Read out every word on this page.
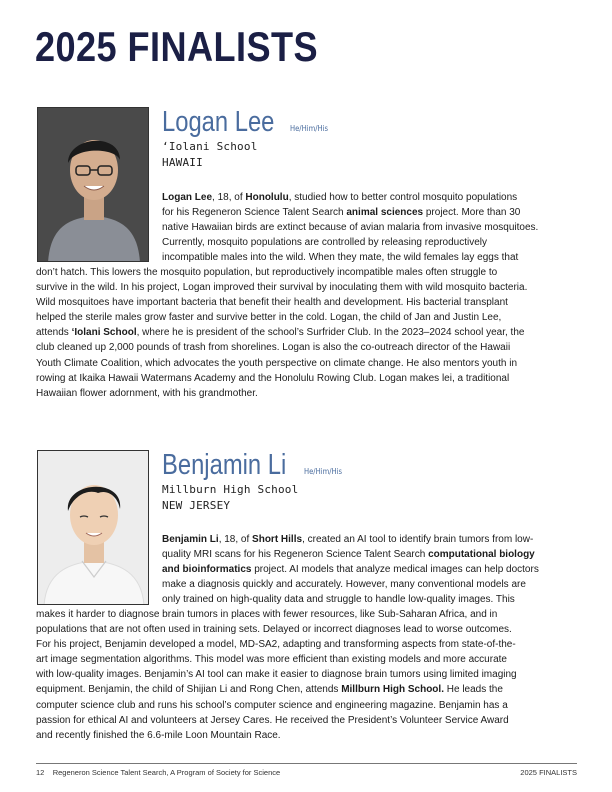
2025 FINALISTS
Logan Lee He/Him/His
ʻIolani School
HAWAII
Logan Lee, 18, of Honolulu, studied how to better control mosquito populations
for his Regeneron Science Talent Search animal sciences project. More than 30
native Hawaiian birds are extinct because of avian malaria from invasive mosquitoes.
Currently, mosquito populations are controlled by releasing reproductively
incompatible males into the wild. When they mate, the wild females lay eggs that
don’t hatch. This lowers the mosquito population, but reproductively incompatible males often struggle to
survive in the wild. In his project, Logan improved their survival by inoculating them with wild mosquito bacteria.
Wild mosquitoes have important bacteria that benefit their health and development. His bacterial transplant
helped the sterile males grow faster and survive better in the cold. Logan, the child of Jan and Justin Lee,
attends ʻIolani School, where he is president of the school’s Surfrider Club. In the 2023–2024 school year, the
club cleaned up 2,000 pounds of trash from shorelines. Logan is also the co-outreach director of the Hawaii
Youth Climate Coalition, which advocates the youth perspective on climate change. He also mentors youth in
rowing at Ikaika Hawaii Watermans Academy and the Honolulu Rowing Club. Logan makes lei, a traditional
Hawaiian flower adornment, with his grandmother.
Benjamin Li He/Him/His
Millburn High School
NEW JERSEY
Benjamin Li, 18, of Short Hills, created an AI tool to identify brain tumors from low-
quality MRI scans for his Regeneron Science Talent Search computational biology
and bioinformatics project. AI models that analyze medical images can help doctors
make a diagnosis quickly and accurately. However, many conventional models are
only trained on high-quality data and struggle to handle low-quality images. This
makes it harder to diagnose brain tumors in places with fewer resources, like Sub-Saharan Africa, and in
populations that are not often used in training sets. Delayed or incorrect diagnoses lead to worse outcomes.
For his project, Benjamin developed a model, MD-SA2, adapting and transforming aspects from state-of-the-
art image segmentation algorithms. This model was more efficient than existing models and more accurate
with low-quality images. Benjamin’s AI tool can make it easier to diagnose brain tumors using limited imaging
equipment. Benjamin, the child of Shijian Li and Rong Chen, attends Millburn High School. He leads the
computer science club and runs his school’s computer science and engineering magazine. Benjamin has a
passion for ethical AI and volunteers at Jersey Cares. He received the President’s Volunteer Service Award
and recently finished the 6.6-mile Loon Mountain Race.
12 Regeneron Science Talent Search, A Program of Society for Science	2025 FINALISTS
